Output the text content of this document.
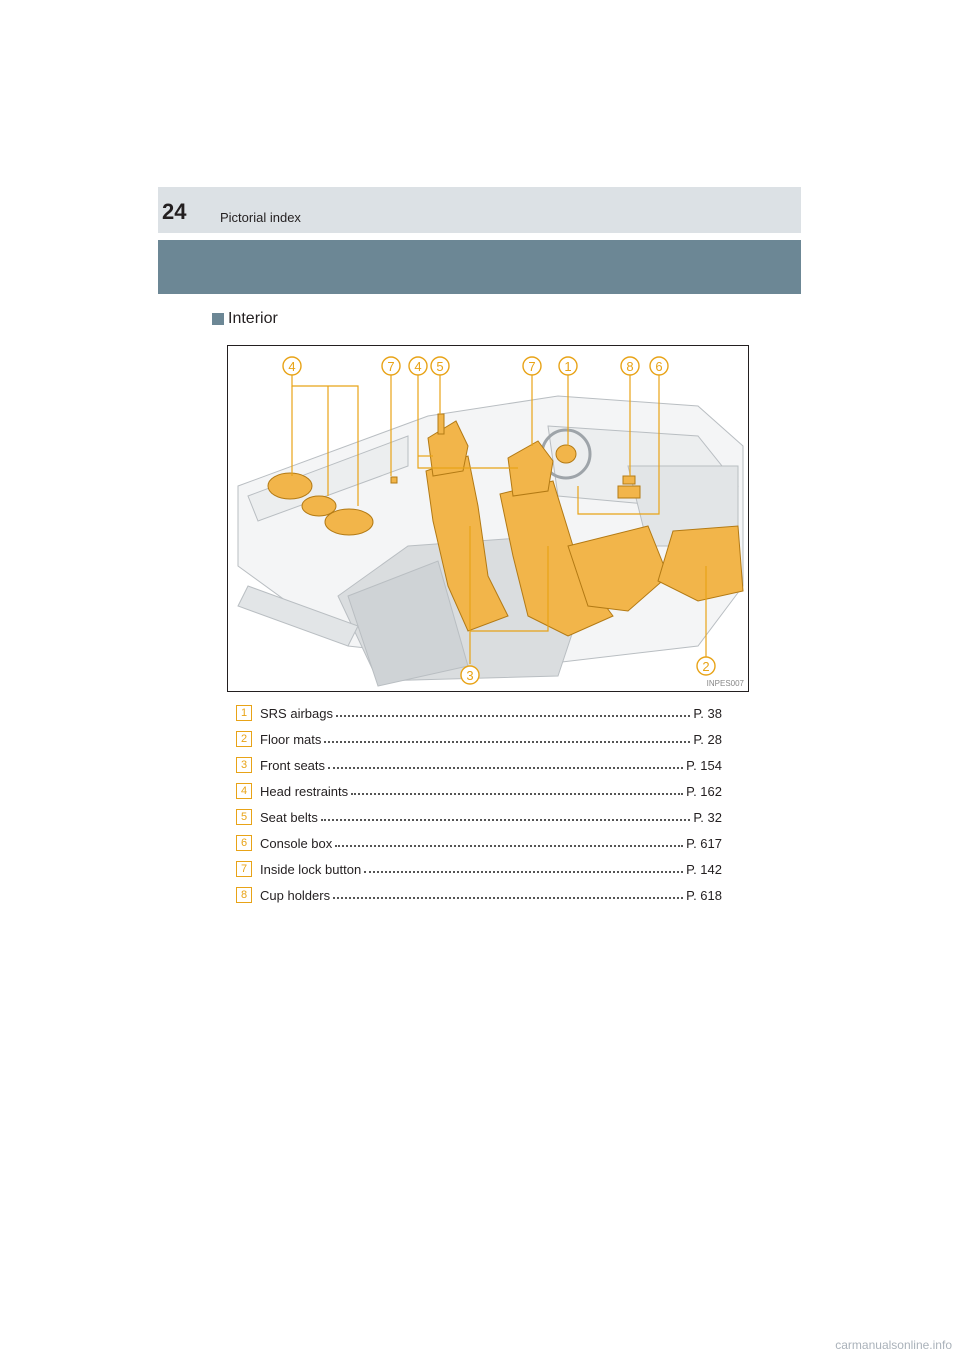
24	Pictorial index
Interior
4	7 4 5	7 1	8 6
3
2
INPES007
1 SRS airbags	P. 38
2 Floor mats	P. 28
3 Front seats	P. 154
4 Head restraints	P. 162
5 Seat belts	P. 32
6 Console box	P. 617
7 Inside lock button	P. 142
8 Cup holders	P. 618
carmanualsonline.info
